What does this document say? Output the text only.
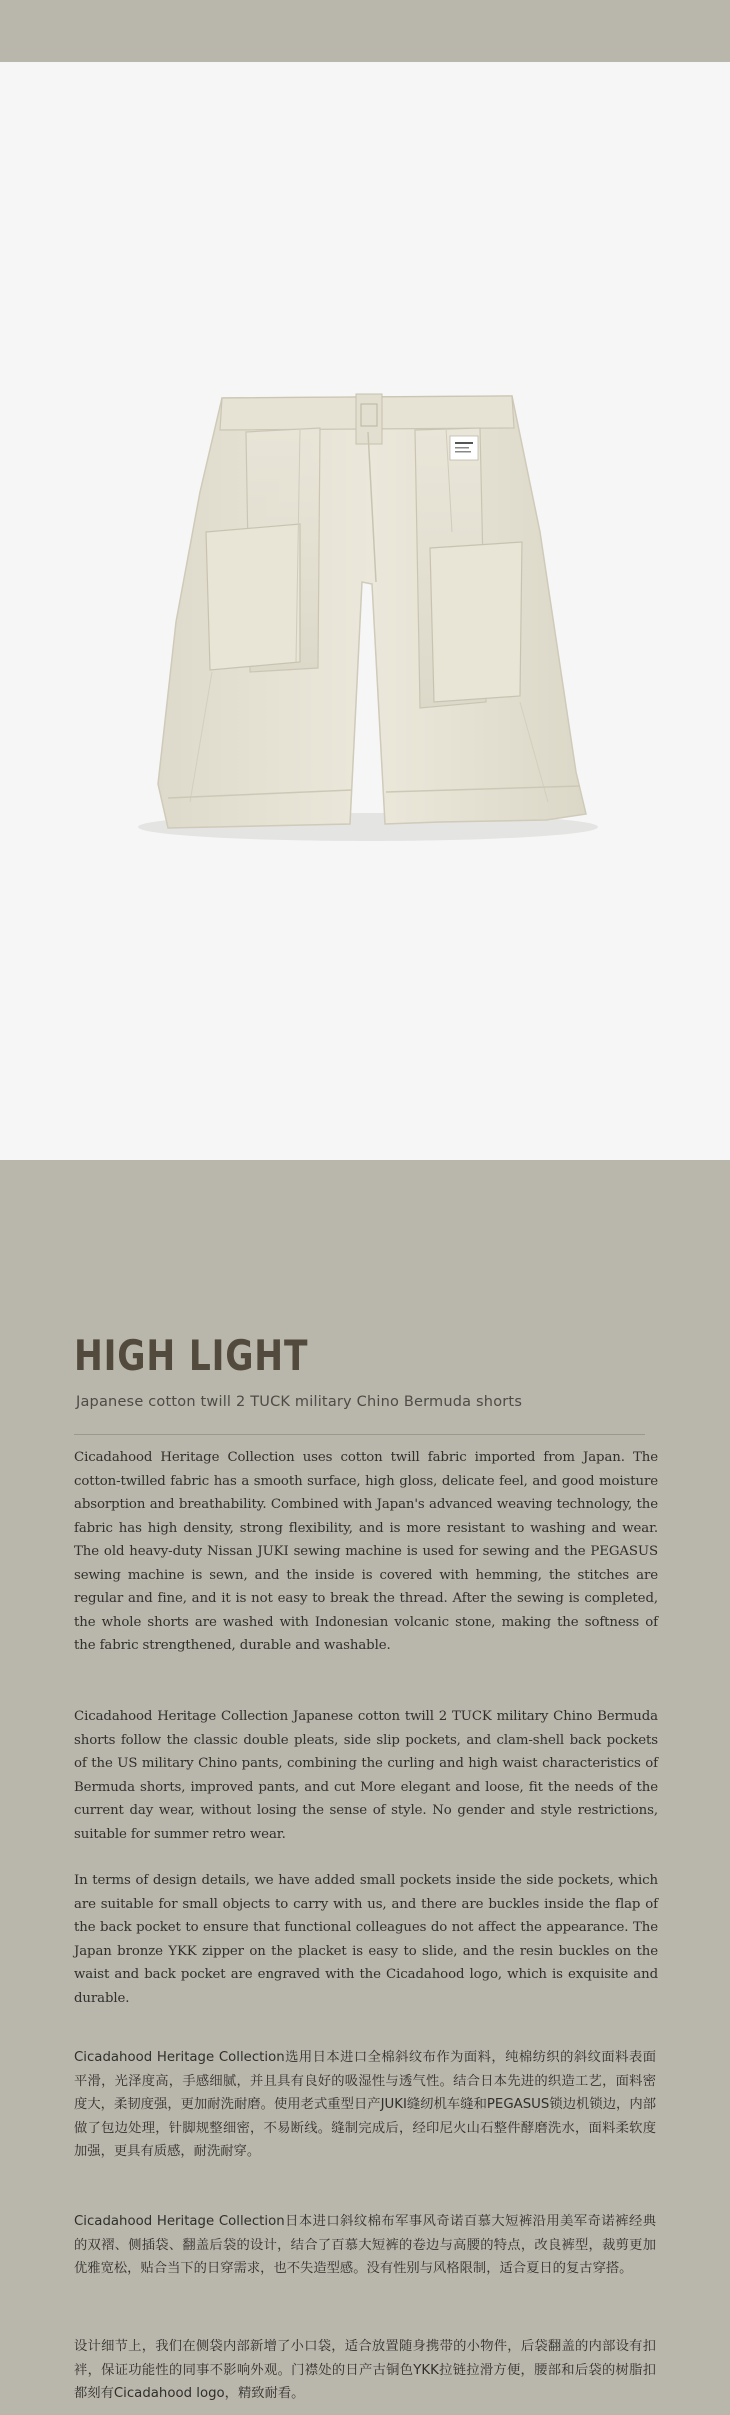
HIGH LIGHT
Japanese cotton twill 2 TUCK military Chino Bermuda shorts

Cicadahood Heritage Collection uses cotton twill fabric imported from Japan. The cotton-twilled fabric has a smooth surface, high gloss, delicate feel, and good moisture absorption and breathability. Combined with Japan's advanced weaving technology, the fabric has high density, strong flexibility, and is more resistant to washing and wear. The old heavy-duty Nissan JUKI sewing machine is used for sewing and the PEGASUS sewing machine is sewn, and the inside is covered with hemming, the stitches are regular and fine, and it is not easy to break the thread. After the sewing is completed, the whole shorts are washed with Indonesian volcanic stone, making the softness of the fabric strengthened, durable and washable.

Cicadahood Heritage Collection Japanese cotton twill 2 TUCK military Chino Bermuda shorts follow the classic double pleats, side slip pockets, and clam-shell back pockets of the US military Chino pants, combining the curling and high waist characteristics of Bermuda shorts, improved pants, and cut More elegant and loose, fit the needs of the current day wear, without losing the sense of style. No gender and style restrictions, suitable for summer retro wear.

In terms of design details, we have added small pockets inside the side pockets, which are suitable for small objects to carry with us, and there are buckles inside the flap of the back pocket to ensure that functional colleagues do not affect the appearance. The Japan bronze YKK zipper on the placket is easy to slide, and the resin buckles on the waist and back pocket are engraved with the Cicadahood logo, which is exquisite and durable.

Cicadahood Heritage Collection选用日本进口全棉斜纹布作为面料，纯棉纺织的斜纹面料表面平滑，光泽度高，手感细腻，并且具有良好的吸湿性与透气性。结合日本先进的织造工艺，面料密度大，柔韧度强，更加耐洗耐磨。使用老式重型日产JUKI缝纫机车缝和PEGASUS锁边机锁边，内部做了包边处理，针脚规整细密，不易断线。缝制完成后，经印尼火山石整件酵磨洗水，面料柔软度加强，更具有质感，耐洗耐穿。

Cicadahood Heritage Collection日本进口斜纹棉布军事风奇诺百慕大短裤沿用美军奇诺裤经典的双褶、侧插袋、翻盖后袋的设计，结合了百慕大短裤的卷边与高腰的特点，改良裤型，裁剪更加优雅宽松，贴合当下的日穿需求，也不失造型感。没有性别与风格限制，适合夏日的复古穿搭。

设计细节上，我们在侧袋内部新增了小口袋，适合放置随身携带的小物件，后袋翻盖的内部设有扣袢，保证功能性的同事不影响外观。门襟处的日产古铜色YKK拉链拉滑方便，腰部和后袋的树脂扣都刻有Cicadahood logo，精致耐看。
